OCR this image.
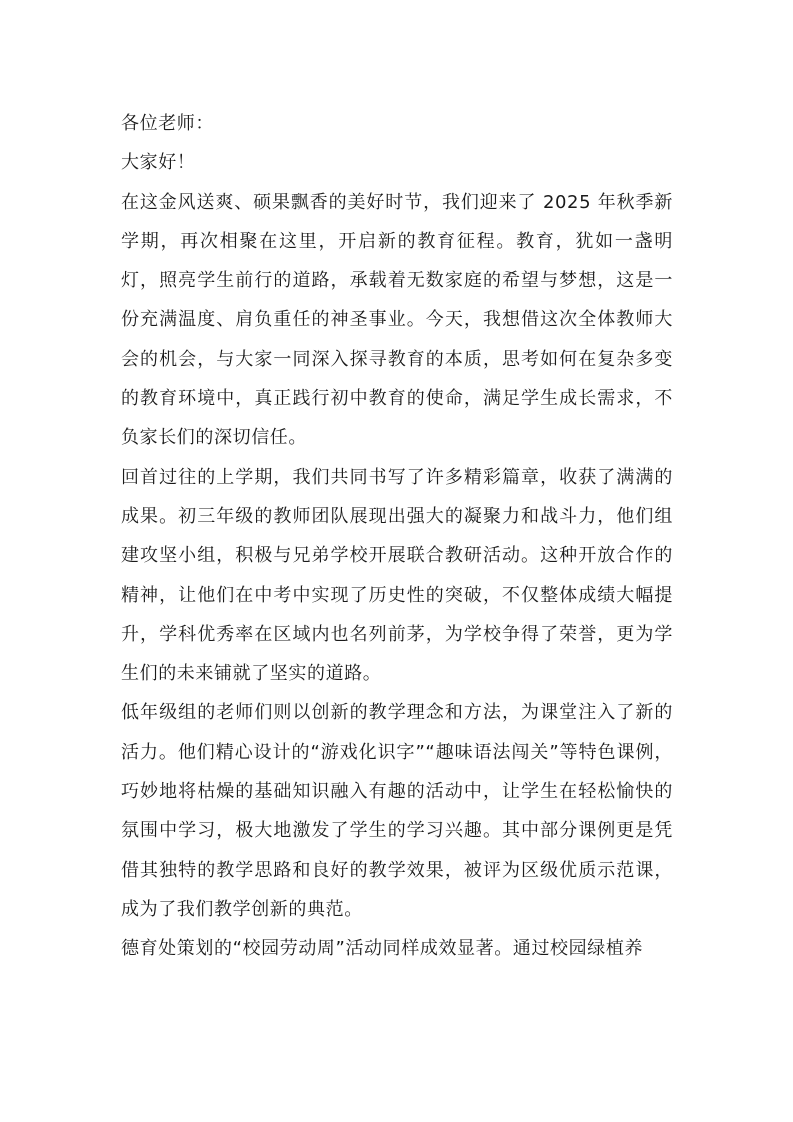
各位老师：

大家好！

在这金风送爽、硕果飘香的美好时节，我们迎来了 2025 年秋季新学期，再次相聚在这里，开启新的教育征程。教育，犹如一盏明灯，照亮学生前行的道路，承载着无数家庭的希望与梦想，这是一份充满温度、肩负重任的神圣事业。今天，我想借这次全体教师大会的机会，与大家一同深入探寻教育的本质，思考如何在复杂多变的教育环境中，真正践行初中教育的使命，满足学生成长需求，不负家长们的深切信任。

回首过往的上学期，我们共同书写了许多精彩篇章，收获了满满的成果。初三年级的教师团队展现出强大的凝聚力和战斗力，他们组建攻坚小组，积极与兄弟学校开展联合教研活动。这种开放合作的精神，让他们在中考中实现了历史性的突破，不仅整体成绩大幅提升，学科优秀率在区域内也名列前茅，为学校争得了荣誉，更为学生们的未来铺就了坚实的道路。

低年级组的老师们则以创新的教学理念和方法，为课堂注入了新的活力。他们精心设计的“游戏化识字”“趣味语法闯关”等特色课例，巧妙地将枯燥的基础知识融入有趣的活动中，让学生在轻松愉快的氛围中学习，极大地激发了学生的学习兴趣。其中部分课例更是凭借其独特的教学思路和良好的教学效果，被评为区级优质示范课，成为了我们教学创新的典范。

德育处策划的“校园劳动周”活动同样成效显著。通过校园绿植养
